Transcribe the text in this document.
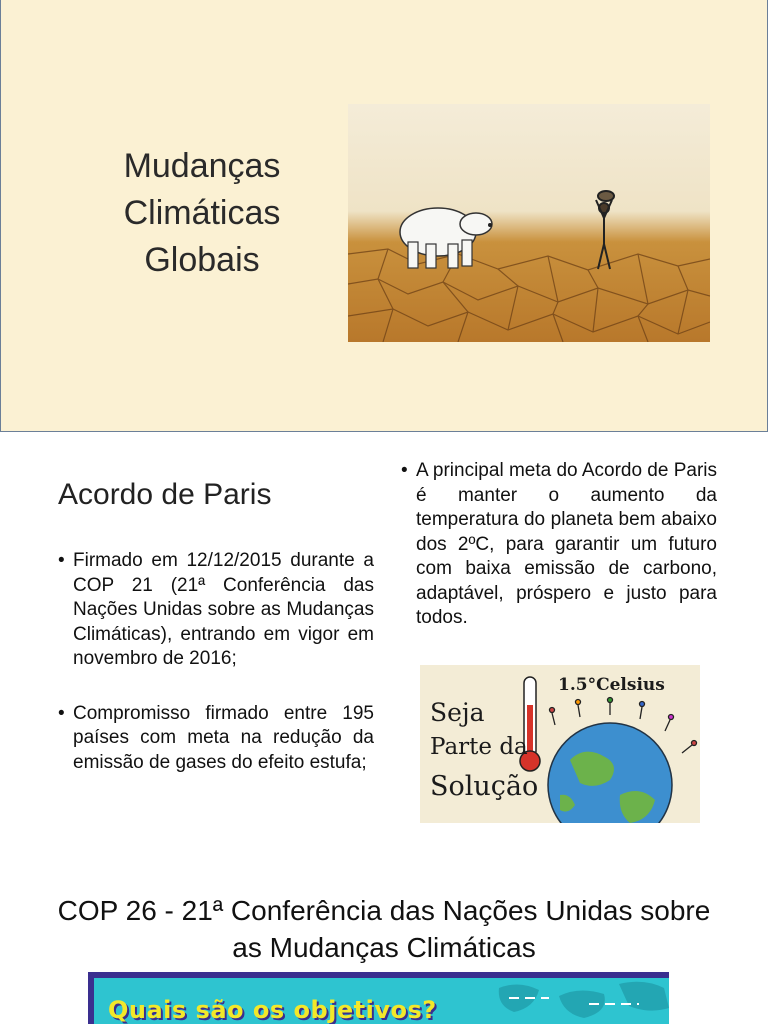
Mudanças
Climáticas
Globais
Acordo de Paris
• Firmado em 12/12/2015 durante a COP 21 (21ª Conferência das Nações Unidas sobre as Mudanças Climáticas), entrando em vigor em novembro de 2016;
• Compromisso firmado entre 195 países com meta na redução da emissão de gases do efeito estufa;
• A principal meta do Acordo de Paris é manter o aumento da temperatura do planeta bem abaixo dos 2ºC, para garantir um futuro com baixa emissão de carbono, adaptável, próspero e justo para todos.
1.5°Celsius
Seja
Parte da
Solução
COP 26 - 21ª Conferência das Nações Unidas sobre as Mudanças Climáticas
Quais são os objetivos?
